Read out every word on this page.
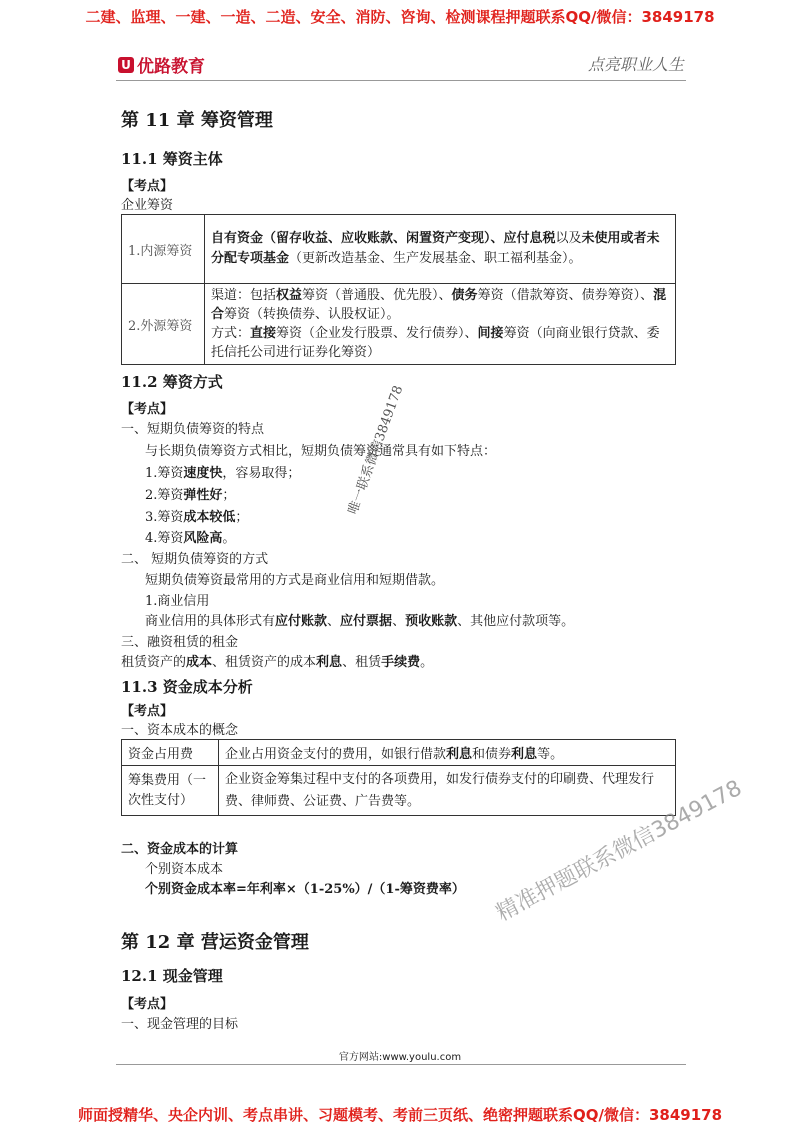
二建、监理、一建、一造、二造、安全、消防、咨询、检测课程押题联系QQ/微信：3849178
U 优路教育	点亮职业人生
第 11 章 筹资管理
11.1 筹资主体
【考点】
企业筹资
1.内源筹资	自有资金（留存收益、应收账款、闲置资产变现）、应付息税以及未使用或者未分配专项基金（更新改造基金、生产发展基金、职工福利基金）。
2.外源筹资	渠道：包括权益筹资（普通股、优先股）、债务筹资（借款筹资、债券筹资）、混合筹资（转换债券、认股权证）。
方式：直接筹资（企业发行股票、发行债券）、间接筹资（向商业银行贷款、委托信托公司进行证券化筹资）
11.2 筹资方式
【考点】
一、短期负债筹资的特点
与长期负债筹资方式相比，短期负债筹资通常具有如下特点：
1.筹资速度快，容易取得；
2.筹资弹性好；
3.筹资成本较低；
4.筹资风险高。
二、 短期负债筹资的方式
短期负债筹资最常用的方式是商业信用和短期借款。
1.商业信用
商业信用的具体形式有应付账款、应付票据、预收账款、其他应付款项等。
三、融资租赁的租金
租赁资产的成本、租赁资产的成本利息、租赁手续费。
11.3 资金成本分析
【考点】
一、资本成本的概念
资金占用费	企业占用资金支付的费用，如银行借款利息和债券利息等。
筹集费用（一次性支付）	企业资金筹集过程中支付的各项费用，如发行债券支付的印刷费、代理发行费、律师费、公证费、广告费等。
二、资金成本的计算
个别资本成本
个别资金成本率=年利率×（1-25%）/（1-筹资费率）
第 12 章 营运资金管理
12.1 现金管理
【考点】
一、现金管理的目标
唯一联系微信3849178
精准押题联系微信3849178
官方网站:www.youlu.com
师面授精华、央企内训、考点串讲、习题模考、考前三页纸、绝密押题联系QQ/微信：3849178
